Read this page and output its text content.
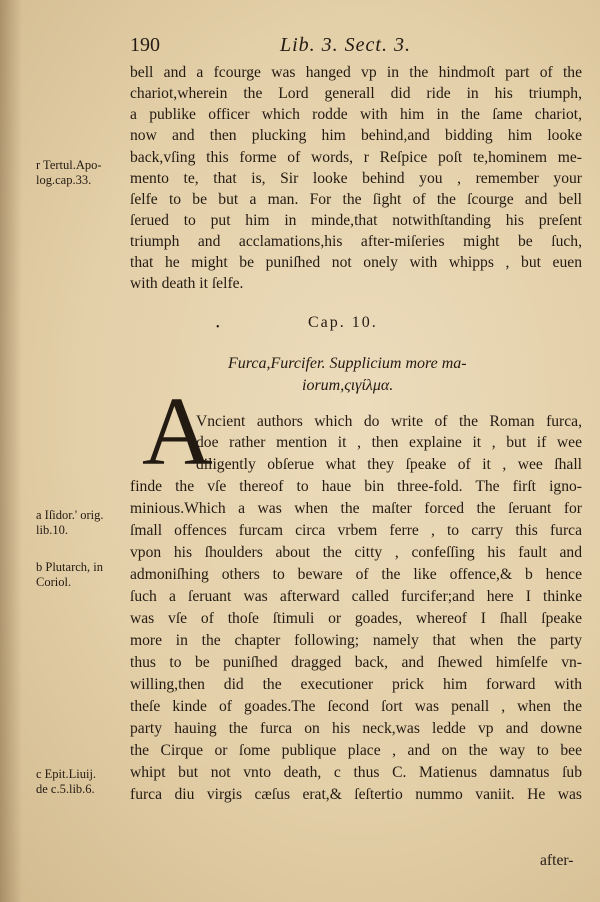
190	Lib. 3. Sect. 3.
bell and a fcourge was hanged vp in the hindmoſt part of the
chariot,wherein the Lord generall did ride in his triumph,
a publike officer which rodde with him in the ſame chariot,
now and then plucking him behind,and bidding him looke
back,vſing this forme of words, r Reſpice poſt te,hominem me-
mento te, that is, Sir looke behind you , remember your
ſelfe to be but a man. For the ſight of the ſcourge and bell
ſerued to put him in minde,that notwithſtanding his preſent
triumph and acclamations,his after-miſeries might be ſuch,
that he might be puniſhed not onely with whipps , but euen
with death it ſelfe.
r Tertul.Apo-
log.cap.33.
•	Cap. 10.
Furca,Furcifer. Supplicium more ma-
iorum,ςιγίλμα.
A
Vncient authors which do write of the Roman furca,
doe rather mention it , then explaine it , but if wee
diligently obſerue what they ſpeake of it , wee ſhall
finde the vſe thereof to haue bin three-fold. The firſt igno-
minious.Which a was when the maſter forced the ſeruant for
ſmall offences furcam circa vrbem ferre , to carry this furca
vpon his ſhoulders about the citty , confeſſing his fault and
admoniſhing others to beware of the like offence,& b hence
ſuch a ſeruant was afterward called furcifer;and here I thinke
was vſe of thoſe ſtimuli or goades, whereof I ſhall ſpeake
more in the chapter following; namely that when the party
thus to be puniſhed dragged back, and ſhewed himſelfe vn-
willing,then did the executioner prick him forward with
theſe kinde of goades.The ſecond ſort was penall , when the
party hauing the furca on his neck,was ledde vp and downe
the Cirque or ſome publique place , and on the way to bee
whipt but not vnto death, c thus C. Matienus damnatus ſub
furca diu virgis cæſus erat,& ſeſtertio nummo vaniit. He was
after-
a Iſidor.' orig.
lib.10.
b Plutarch, in
Coriol.
c Epit.Liuij.
de c.5.lib.6.
